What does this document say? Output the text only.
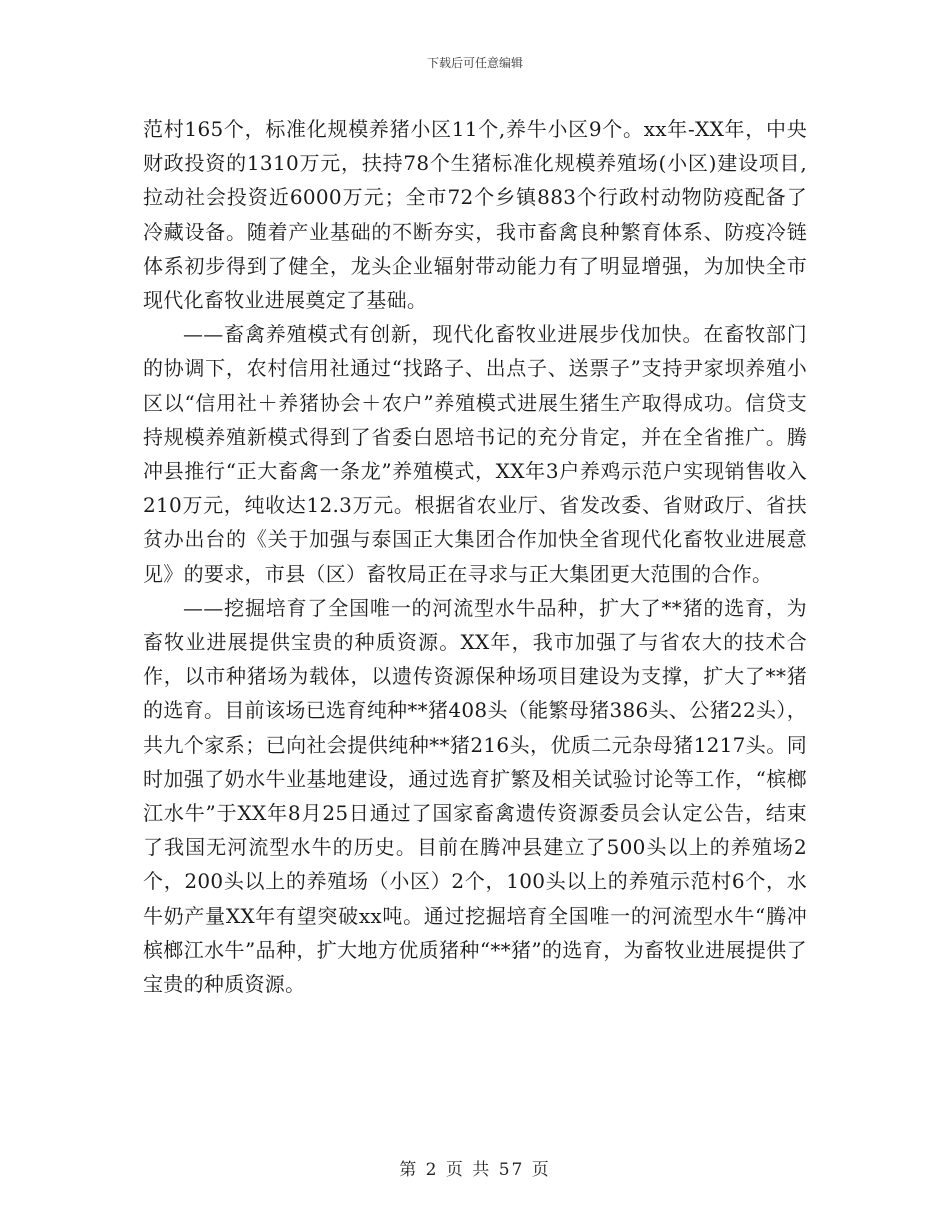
下载后可任意编辑

范村165个，标准化规模养猪小区11个,养牛小区9个。xx年-XX年，中央财政投资的1310万元，扶持78个生猪标准化规模养殖场(小区)建设项目,拉动社会投资近6000万元；全市72个乡镇883个行政村动物防疫配备了冷藏设备。随着产业基础的不断夯实，我市畜禽良种繁育体系、防疫冷链体系初步得到了健全，龙头企业辐射带动能力有了明显增强，为加快全市现代化畜牧业进展奠定了基础。

——畜禽养殖模式有创新，现代化畜牧业进展步伐加快。在畜牧部门的协调下，农村信用社通过“找路子、出点子、送票子”支持尹家坝养殖小区以“信用社＋养猪协会＋农户”养殖模式进展生猪生产取得成功。信贷支持规模养殖新模式得到了省委白恩培书记的充分肯定，并在全省推广。腾冲县推行“正大畜禽一条龙”养殖模式，XX年3户养鸡示范户实现销售收入210万元，纯收达12.3万元。根据省农业厅、省发改委、省财政厅、省扶贫办出台的《关于加强与泰国正大集团合作加快全省现代化畜牧业进展意见》的要求，市县（区）畜牧局正在寻求与正大集团更大范围的合作。

——挖掘培育了全国唯一的河流型水牛品种，扩大了**猪的选育，为畜牧业进展提供宝贵的种质资源。XX年，我市加强了与省农大的技术合作，以市种猪场为载体，以遗传资源保种场项目建设为支撑，扩大了**猪的选育。目前该场已选育纯种**猪408头（能繁母猪386头、公猪22头），共九个家系；已向社会提供纯种**猪216头，优质二元杂母猪1217头。同时加强了奶水牛业基地建设，通过选育扩繁及相关试验讨论等工作，“槟榔江水牛”于XX年8月25日通过了国家畜禽遗传资源委员会认定公告，结束了我国无河流型水牛的历史。目前在腾冲县建立了500头以上的养殖场2个，200头以上的养殖场（小区）2个，100头以上的养殖示范村6个，水牛奶产量XX年有望突破xx吨。通过挖掘培育全国唯一的河流型水牛“腾冲槟榔江水牛”品种，扩大地方优质猪种“**猪”的选育，为畜牧业进展提供了宝贵的种质资源。

第 2 页 共 57 页
